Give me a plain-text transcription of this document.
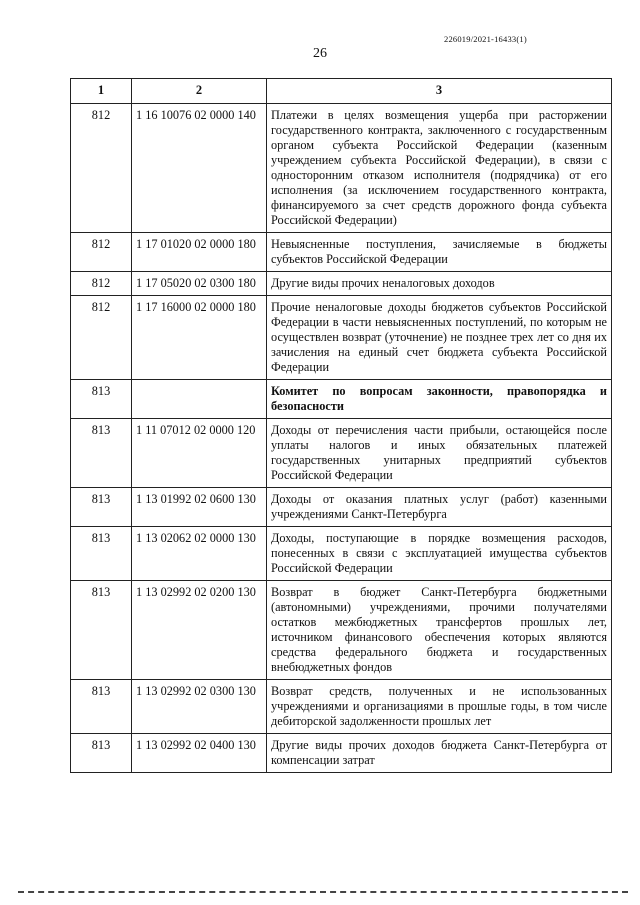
226019/2021-16433(1)
26
1	2	3
812	1 16 10076 02 0000 140	Платежи в целях возмещения ущерба при расторжении государственного контракта, заключенного с государственным органом субъекта Российской Федерации (казенным учреждением субъекта Российской Федерации), в связи с односторонним отказом исполнителя (подрядчика) от его исполнения (за исключением государственного контракта, финансируемого за счет средств дорожного фонда субъекта Российской Федерации)
812	1 17 01020 02 0000 180	Невыясненные поступления, зачисляемые в бюджеты субъектов Российской Федерации
812	1 17 05020 02 0300 180	Другие виды прочих неналоговых доходов
812	1 17 16000 02 0000 180	Прочие неналоговые доходы бюджетов субъектов Российской Федерации в части невыясненных поступлений, по которым не осуществлен возврат (уточнение) не позднее трех лет со дня их зачисления на единый счет бюджета субъекта Российской Федерации
813		Комитет по вопросам законности, правопорядка и безопасности
813	1 11 07012 02 0000 120	Доходы от перечисления части прибыли, остающейся после уплаты налогов и иных обязательных платежей государственных унитарных предприятий субъектов Российской Федерации
813	1 13 01992 02 0600 130	Доходы от оказания платных услуг (работ) казенными учреждениями Санкт-Петербурга
813	1 13 02062 02 0000 130	Доходы, поступающие в порядке возмещения расходов, понесенных в связи с эксплуатацией имущества субъектов Российской Федерации
813	1 13 02992 02 0200 130	Возврат в бюджет Санкт-Петербурга бюджетными (автономными) учреждениями, прочими получателями остатков межбюджетных трансфертов прошлых лет, источником финансового обеспечения которых являются средства федерального бюджета и государственных внебюджетных фондов
813	1 13 02992 02 0300 130	Возврат средств, полученных и не использованных учреждениями и организациями в прошлые годы, в том числе дебиторской задолженности прошлых лет
813	1 13 02992 02 0400 130	Другие виды прочих доходов бюджета Санкт-Петербурга от компенсации затрат
